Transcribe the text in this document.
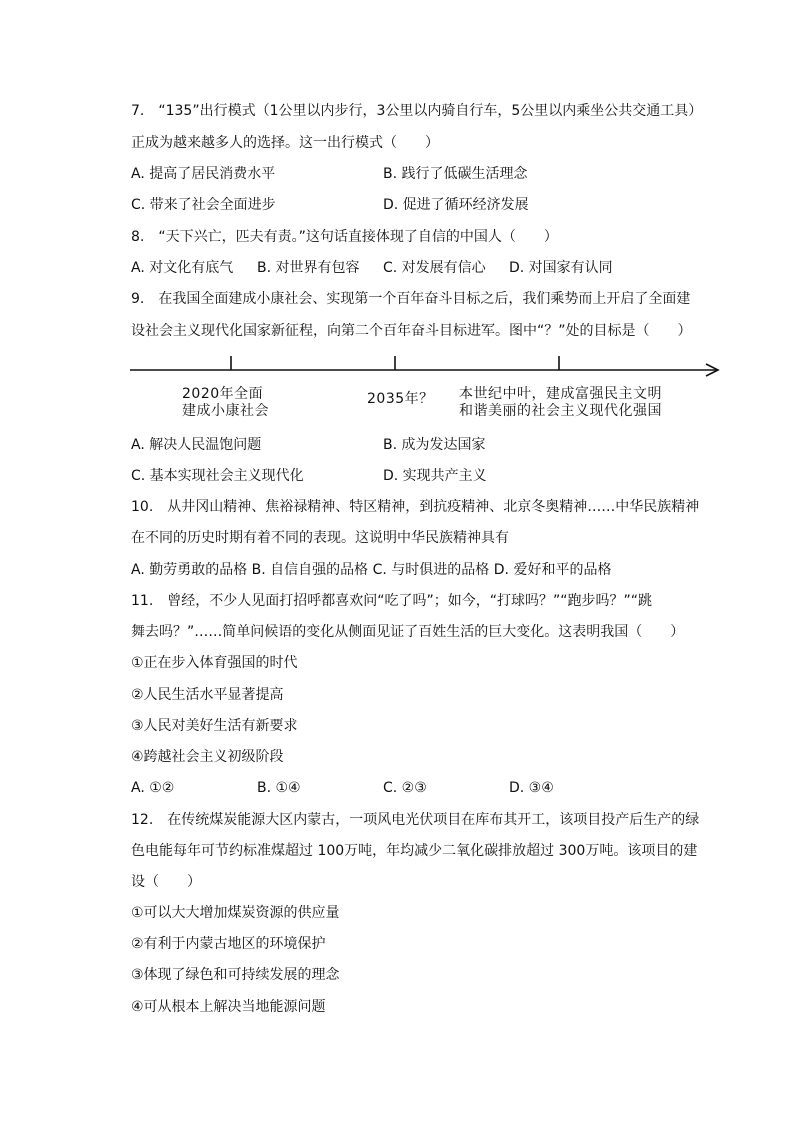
7.　“135”出行模式（1公里以内步行，3公里以内骑自行车，5公里以内乘坐公共交通工具）
正成为越来越多人的选择。这一出行模式（　　）
A. 提高了居民消费水平	B. 践行了低碳生活理念
C. 带来了社会全面进步	D. 促进了循环经济发展
8.　“天下兴亡，匹夫有责。”这句话直接体现了自信的中国人（　　）
A. 对文化有底气 B. 对世界有包容 C. 对发展有信心 D. 对国家有认同
9.　在我国全面建成小康社会、实现第一个百年奋斗目标之后，我们乘势而上开启了全面建
设社会主义现代化国家新征程，向第二个百年奋斗目标进军。图中“？”处的目标是（　　）
2020年全面
建成小康社会
2035年？ 本世纪中叶，建成富强民主文明
和谐美丽的社会主义现代化强国
A. 解决人民温饱问题	B. 成为发达国家
C. 基本实现社会主义现代化	D. 实现共产主义
10.　从井冈山精神、焦裕禄精神、特区精神，到抗疫精神、北京冬奥精神……中华民族精神
在不同的历史时期有着不同的表现。这说明中华民族精神具有
A. 勤劳勇敢的品格 B. 自信自强的品格 C. 与时俱进的品格 D. 爱好和平的品格
11.　曾经，不少人见面打招呼都喜欢问“吃了吗”；如今，“打球吗？”“跑步吗？”“跳
舞去吗？”……简单问候语的变化从侧面见证了百姓生活的巨大变化。这表明我国（　　）
①正在步入体育强国的时代
②人民生活水平显著提高
③人民对美好生活有新要求
④跨越社会主义初级阶段
A. ①②	B. ①④	C. ②③	D. ③④
12.　在传统煤炭能源大区内蒙古，一项风电光伏项目在库布其开工，该项目投产后生产的绿
色电能每年可节约标准煤超过 100万吨，年均减少二氧化碳排放超过 300万吨。该项目的建
设（　　）
①可以大大增加煤炭资源的供应量
②有利于内蒙古地区的环境保护
③体现了绿色和可持续发展的理念
④可从根本上解决当地能源问题
